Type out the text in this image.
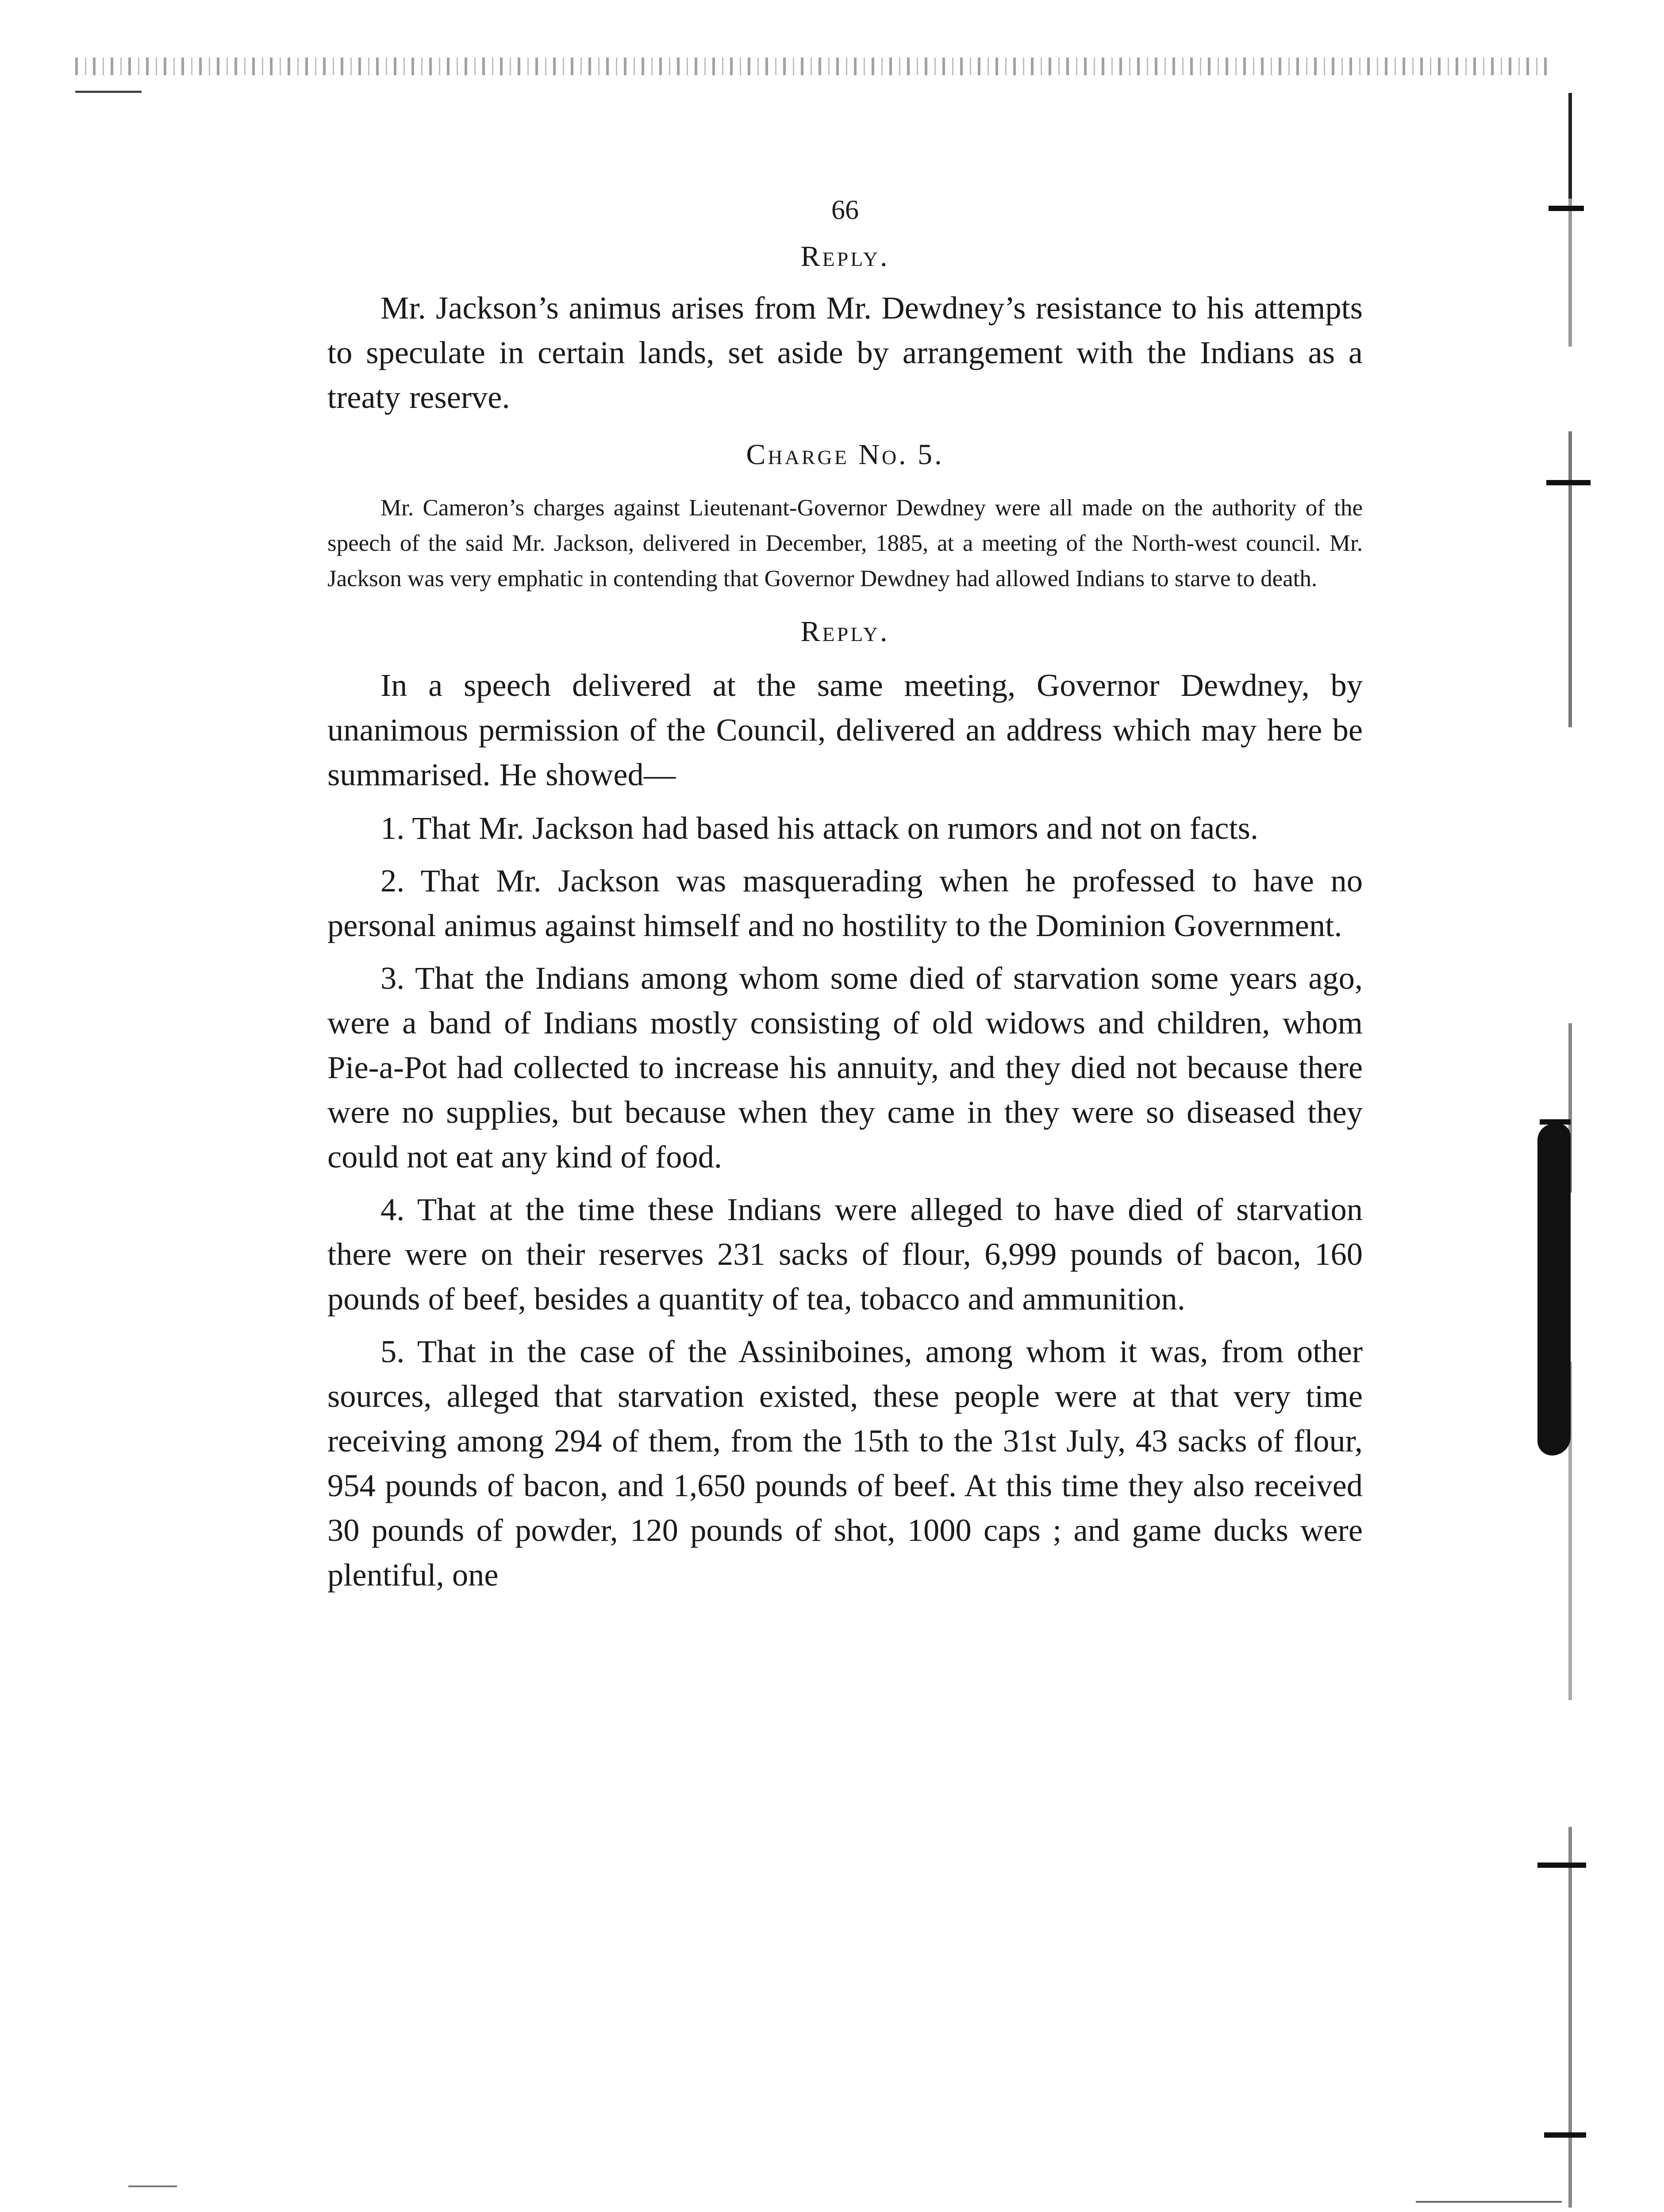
66

Reply.

Mr. Jackson’s animus arises from Mr. Dewdney’s resistance to his attempts to speculate in certain lands, set aside by arrangement with the Indians as a treaty reserve.

Charge No. 5.

Mr. Cameron’s charges against Lieutenant-Governor Dewdney were all made on the authority of the speech of the said Mr. Jackson, delivered in December, 1885, at a meeting of the North-west council. Mr. Jackson was very emphatic in contending that Governor Dewdney had allowed Indians to starve to death.

Reply.

In a speech delivered at the same meeting, Governor Dewdney, by unanimous permission of the Council, delivered an address which may here be summarised. He showed—

1. That Mr. Jackson had based his attack on rumors and not on facts.

2. That Mr. Jackson was masquerading when he professed to have no personal animus against himself and no hostility to the Dominion Government.

3. That the Indians among whom some died of starvation some years ago, were a band of Indians mostly consisting of old widows and children, whom Pie-a-Pot had collected to increase his annuity, and they died not because there were no supplies, but because when they came in they were so diseased they could not eat any kind of food.

4. That at the time these Indians were alleged to have died of starvation there were on their reserves 231 sacks of flour, 6,999 pounds of bacon, 160 pounds of beef, besides a quantity of tea, tobacco and ammunition.

5. That in the case of the Assiniboines, among whom it was, from other sources, alleged that starvation existed, these people were at that very time receiving among 294 of them, from the 15th to the 31st July, 43 sacks of flour, 954 pounds of bacon, and 1,650 pounds of beef. At this time they also received 30 pounds of powder, 120 pounds of shot, 1000 caps ; and game ducks were plentiful, one
